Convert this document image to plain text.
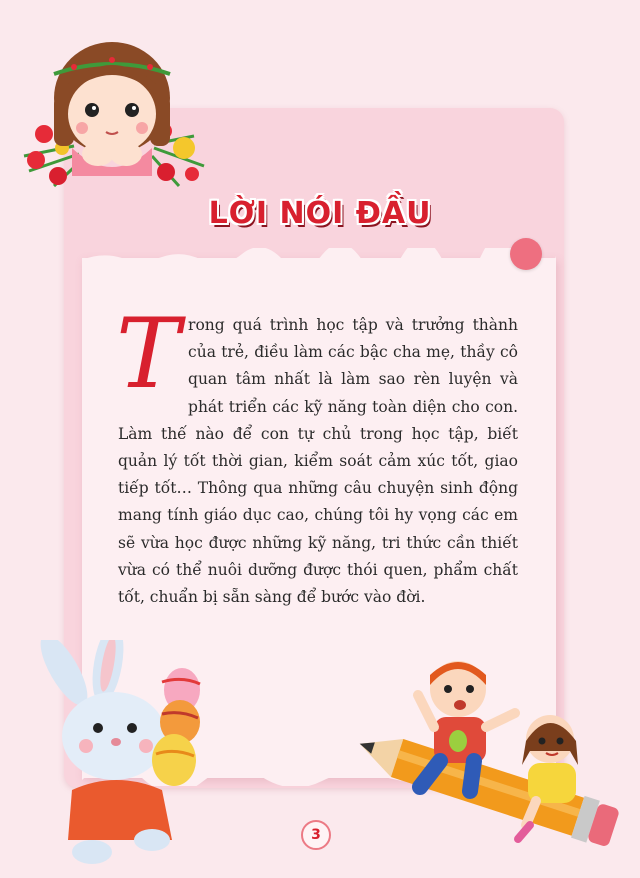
LỜI NÓI ĐẦU
Trong quá trình học tập và trưởng thành của trẻ, điều làm các bậc cha mẹ, thầy cô quan tâm nhất là làm sao rèn luyện và phát triển các kỹ năng toàn diện cho con. Làm thế nào để con tự chủ trong học tập, biết quản lý tốt thời gian, kiểm soát cảm xúc tốt, giao tiếp tốt… Thông qua những câu chuyện sinh động mang tính giáo dục cao, chúng tôi hy vọng các em sẽ vừa học được những kỹ năng, tri thức cần thiết vừa có thể nuôi dưỡng được thói quen, phẩm chất tốt, chuẩn bị sẵn sàng để bước vào đời.
3
